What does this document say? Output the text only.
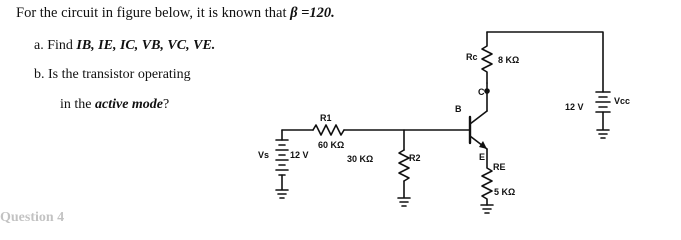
For the circuit in figure below, it is known that β =120.
a. Find IB, IE, IC, VB, VC, VE.
b. Is the transistor operating
in the active mode?
Vs 12 V
R1
60 KΩ
R2
30 KΩ
Rc 8 KΩ
RE
5 KΩ
Vcc
12 V
B
C
E
Question 4
